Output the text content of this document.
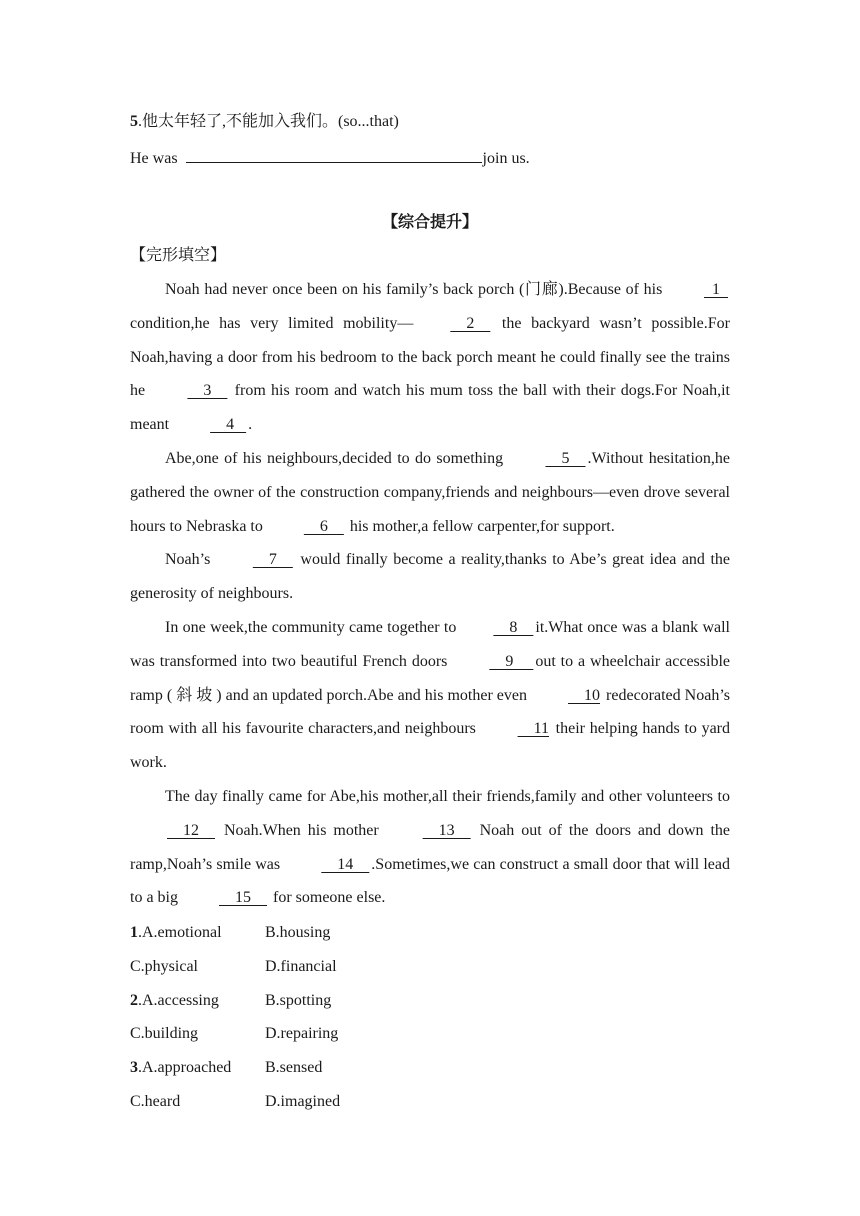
5.他太年轻了,不能加入我们。(so...that)
He was	join us.
【综合提升】
【完形填空】

Noah had never once been on his family’s back porch (门廊).Because of his   1   condition,he has very limited mobility—    2     the backyard wasn’t possible.For Noah,having a door from his bedroom to the back porch meant he could finally see the trains he     3     from his room and watch his mum toss the ball with their dogs.For Noah,it meant     4   .

Abe,one of his neighbours,decided to do something     5    .Without hesitation,he gathered the owner of the construction company,friends and neighbours—even drove several hours to Nebraska to     6     his mother,a fellow carpenter,for support.

Noah’s     7     would finally become a reality,thanks to Abe’s great idea and the generosity of neighbours.

In one week,the community came together to    8    it.What once was a blank wall was transformed into two beautiful French doors     9     out to a wheelchair accessible ramp ( 斜 坡 ) and an updated porch.Abe and his mother even     10 redecorated Noah’s room with all his favourite characters,and neighbours     11 their helping hands to yard work.

The day finally came for Abe,his mother,all their friends,family and other volunteers to     12     Noah.When his mother     13     Noah out of the doors and down the ramp,Noah’s smile was     14    .Sometimes,we can construct a small door that will lead to a big     15     for someone else.

1.A.emotional	B.housing
C.physical	D.financial
2.A.accessing	B.spotting
C.building	D.repairing
3.A.approached B.sensed
C.heard	D.imagined
